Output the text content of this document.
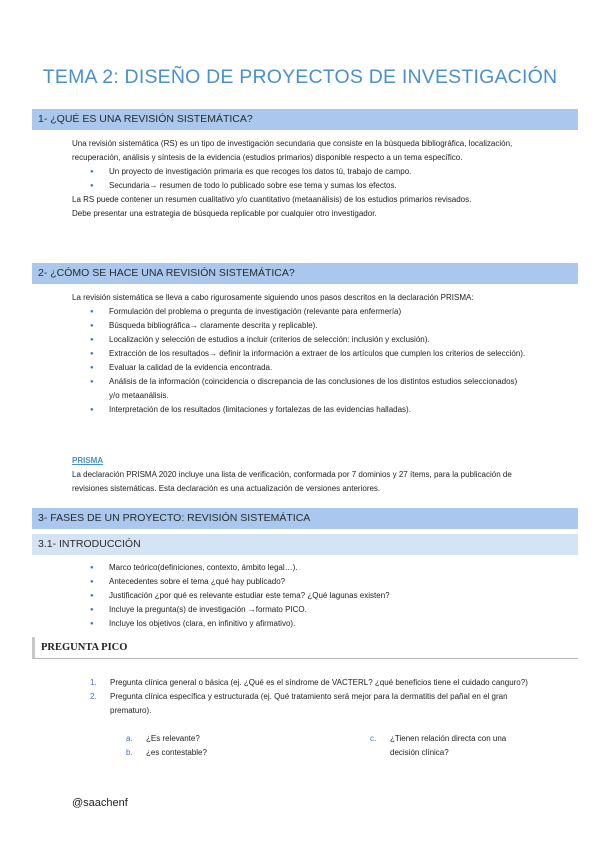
TEMA 2: DISEÑO DE PROYECTOS DE INVESTIGACIÓN
1- ¿QUÉ ES UNA REVISIÓN SISTEMÁTICA?

Una revisión sistemática (RS) es un tipo de investigación secundaria que consiste en la búsqueda bibliográfica, localización, recuperación, análisis y síntesis de la evidencia (estudios primarios) disponible respecto a un tema específico.

● Un proyecto de investigación primaria es que recoges los datos tú, trabajo de campo.
● Secundaria→ resumen de todo lo publicado sobre ese tema y sumas los efectos.

La RS puede contener un resumen cualitativo y/o cuantitativo (metaanálisis) de los estudios primarios revisados.

Debe presentar una estrategia de búsqueda replicable por cualquier otro investigador.

2- ¿CÓMO SE HACE UNA REVISIÓN SISTEMÁTICA?

La revisión sistemática se lleva a cabo rigurosamente siguiendo unos pasos descritos en la declaración PRISMA:

● Formulación del problema o pregunta de investigación (relevante para enfermería)
● Búsqueda bibliográfica→ claramente descrita y replicable).
● Localización y selección de estudios a incluir (criterios de selección: inclusión y exclusión).
● Extracción de los resultados→ definir la información a extraer de los artículos que cumplen los criterios de selección).
● Evaluar la calidad de la evidencia encontrada.
● Análisis de la información (coincidencia o discrepancia de las conclusiones de los distintos estudios seleccionados) y/o metaanálisis.
● Interpretación de los resultados (limitaciones y fortalezas de las evidencias halladas).
PRISMA

La declaración PRISMA 2020 incluye una lista de verificación, conformada por 7 dominios y 27 ítems, para la publicación de revisiones sistemáticas. Esta declaración es una actualización de versiones anteriores.

3- FASES DE UN PROYECTO: REVISIÓN SISTEMÁTICA
3.1- INTRODUCCIÓN
● Marco teórico(definiciones, contexto, ámbito legal…).
● Antecedentes sobre el tema ¿qué hay publicado?
● Justificación ¿por qué es relevante estudiar este tema? ¿Qué lagunas existen?
● Incluye la pregunta(s) de investigación →formato PICO.
● Incluye los objetivos (clara, en infinitivo y afirmativo).
PREGUNTA PICO
1. Pregunta clínica general o básica (ej. ¿Qué es el síndrome de VACTERL? ¿qué beneficios tiene el cuidado canguro?)
2. Pregunta clínica específica y estructurada (ej. Qué tratamiento será mejor para la dermatitis del pañal en el gran prematuro).
a. ¿Es relevante?
b. ¿es contestable?
c.	¿Tienen relación directa con una decisión clínica?
@saachenf
